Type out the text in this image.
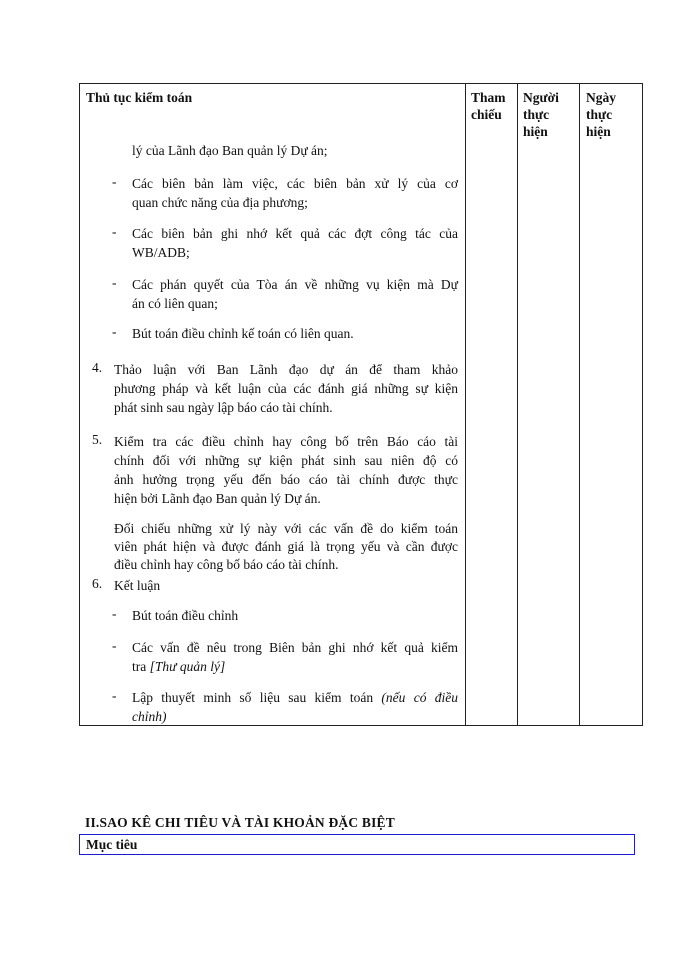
Thủ tục kiểm toán	Tham
chiếu
Người
thực
hiện
Ngày
thực
hiện
lý của Lãnh đạo Ban quản lý Dự án;
- Các biên bản làm việc, các biên bản xử lý của cơ
quan chức năng của địa phương;
- Các biên bản ghi nhớ kết quả các đợt công tác của
WB/ADB;
- Các phán quyết của Tòa án về những vụ kiện mà Dự
án có liên quan;
- Bút toán điều chỉnh kế toán có liên quan.
4. Thảo luận với Ban Lãnh đạo dự án để tham khảo
phương pháp và kết luận của các đánh giá những sự kiện
phát sinh sau ngày lập báo cáo tài chính.
5. Kiểm tra các điều chỉnh hay công bố trên Báo cáo tài
chính đối với những sự kiện phát sinh sau niên độ có
ảnh hưởng trọng yếu đến báo cáo tài chính được thực
hiện bởi Lãnh đạo Ban quản lý Dự án.
Đối chiếu những xử lý này với các vấn đề do kiểm toán
viên phát hiện và được đánh giá là trọng yếu và cần được
điều chỉnh hay công bố báo cáo tài chính.
6. Kết luận
- Bút toán điều chỉnh
- Các vấn đề nêu trong Biên bản ghi nhớ kết quả kiểm
tra [Thư quản lý]
- Lập thuyết minh số liệu sau kiểm toán (nếu có điều
chỉnh)
II.SAO KÊ CHI TIÊU VÀ TÀI KHOẢN ĐẶC BIỆT
Mục tiêu
